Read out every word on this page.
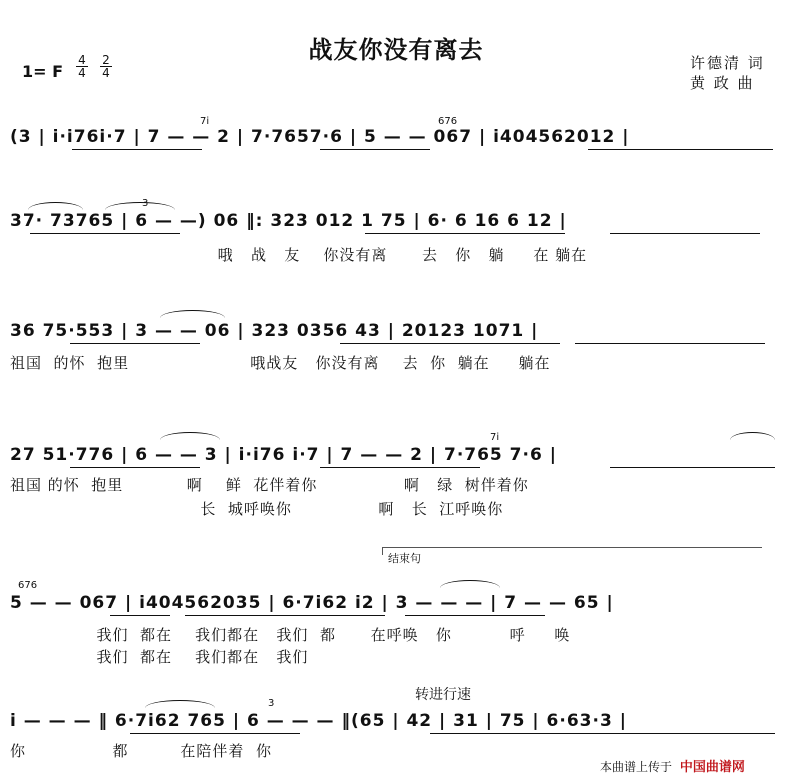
战友你没有离去
1= F $\frac{4}{4} \frac{2}{4}$	许德清 词
黄 政 曲
(3 | i·i76i·7 | 7 — — 2 | 7·7657·6 | 5 — — 067 | i404562012 |
7i	676
37· 73765 | 6 — —) 06 ‖: 323 012 1 75 | 6· 6 16 6 12 |
3
哦   战   友    你没有离      去   你   躺     在 躺在
36 75·553 | 3 — — 06 | 323 0356 43 | 20123 1071 |
祖国  的怀  抱里                     哦战友   你没有离    去  你  躺在     躺在
27 51·776 | 6 — — 3 | i·i76 i·7 | 7 — — 2 | 7·765 7·6 |
7i
祖国 的怀  抱里           啊    鲜  花伴着你               啊   绿  树伴着你
长  城呼唤你               啊   长  江呼唤你
结束句
5 — — 067 | i404562035 | 6·7i62 i2 | 3 — — — | 7 — — 65 |
676
我们  都在    我们都在   我们  都      在呼唤   你          呼     唤
我们  都在    我们都在   我们
转进行速
i — — — ‖ 6·7i62 765 | 6 — — — ‖(65 | 42 | 31 | 75 | 6·63·3 |
3
你               都         在陪伴着  你
本曲谱上传于 中国曲谱网
